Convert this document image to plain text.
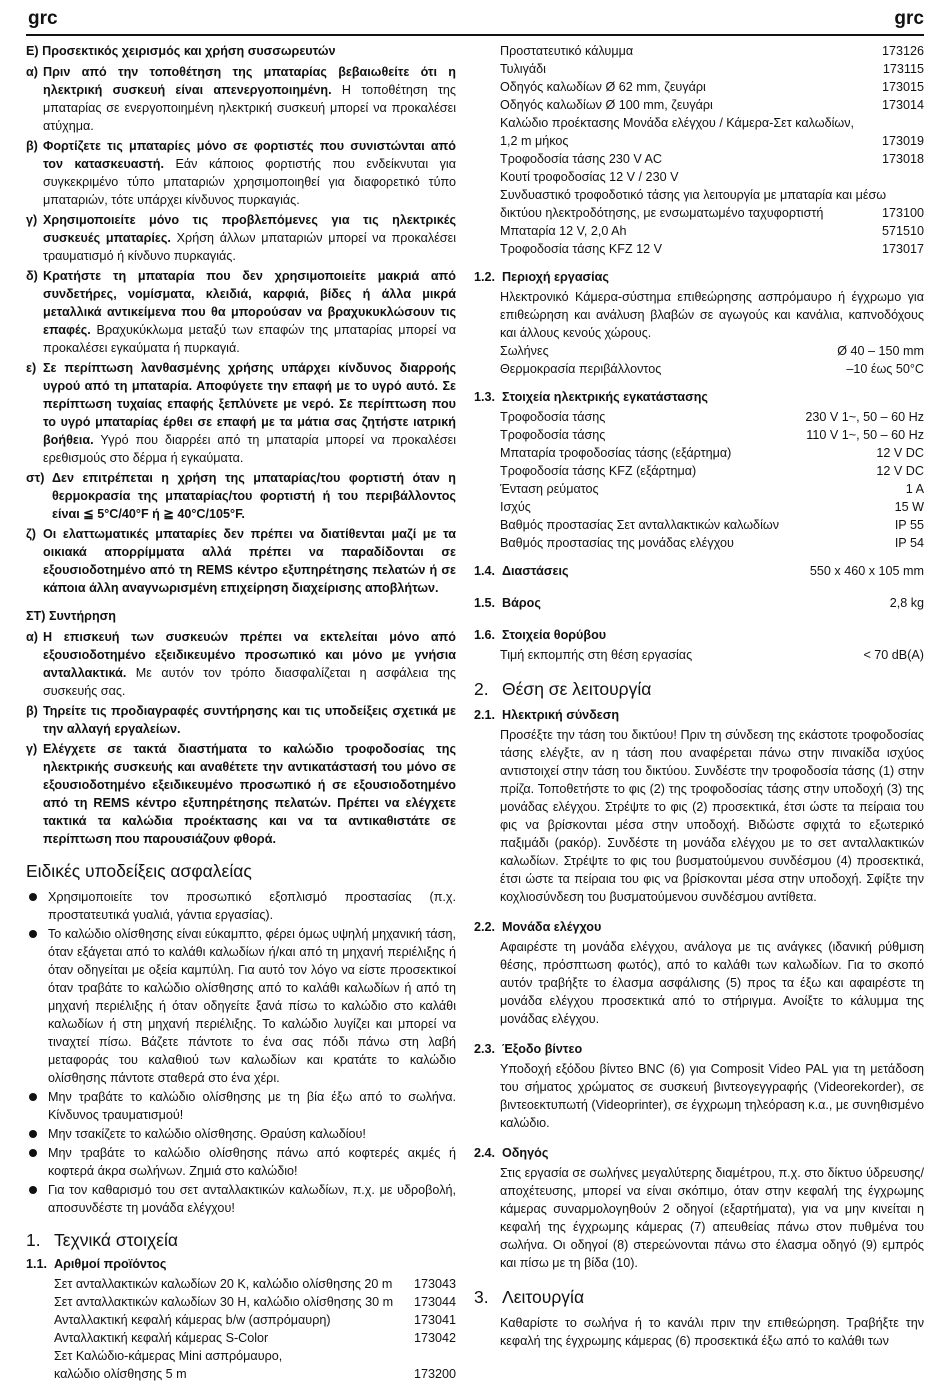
grc	grc
E) Προσεκτικός χειρισμός και χρήση συσσωρευτών
α) Πριν από την τοποθέτηση της μπαταρίας βεβαιωθείτε ότι η ηλεκτρική συσκευή είναι απενεργοποιημένη. Η τοποθέτηση της μπαταρίας σε ενεργοποιημένη ηλεκτρική συσκευή μπορεί να προκαλέσει ατύχημα.
β) Φορτίζετε τις μπαταρίες μόνο σε φορτιστές που συνιστώνται από τον κατασκευαστή. Εάν κάποιος φορτιστής που ενδείκνυται για συγκεκριμένο τύπο μπαταριών χρησιμοποιηθεί για διαφορετικό τύπο μπαταριών, τότε υπάρχει κίνδυνος πυρκαγιάς.
γ) Χρησιμοποιείτε μόνο τις προβλεπόμενες για τις ηλεκτρικές συσκευές μπαταρίες. Χρήση άλλων μπαταριών μπορεί να προκαλέσει τραυματισμό ή κίνδυνο πυρκαγιάς.
δ) Κρατήστε τη μπαταρία που δεν χρησιμοποιείτε μακριά από συνδετήρες, νομίσματα, κλειδιά, καρφιά, βίδες ή άλλα μικρά μεταλλικά αντικείμενα που θα μπορούσαν να βραχυκυκλώσουν τις επαφές. Βραχυκύκλωμα μεταξύ των επαφών της μπαταρίας μπορεί να προκαλέσει εγκαύματα ή πυρκαγιά.
ε) Σε περίπτωση λανθασμένης χρήσης υπάρχει κίνδυνος διαρροής υγρού από τη μπαταρία. Αποφύγετε την επαφή με το υγρό αυτό. Σε περίπτωση τυχαίας επαφής ξεπλύνετε με νερό. Σε περίπτωση που το υγρό μπαταρίας έρθει σε επαφή με τα μάτια σας ζητήστε ιατρική βοήθεια. Υγρό που διαρρέει από τη μπαταρία μπορεί να προκαλέσει ερεθισμούς στο δέρμα ή εγκαύματα.
στ) Δεν επιτρέπεται η χρήση της μπαταρίας/του φορτιστή όταν η θερμοκρασία της μπαταρίας/του φορτιστή ή του περιβάλλοντος είναι ≦ 5°C/40°F ή ≧ 40°C/105°F.
ζ) Οι ελαττωματικές μπαταρίες δεν πρέπει να διατίθενται μαζί με τα οικιακά απορρίμματα αλλά πρέπει να παραδίδονται σε εξουσιοδοτημένο από τη REMS κέντρο εξυπηρέτησης πελατών ή σε κάποια άλλη αναγνωρισμένη επιχείρηση διαχείρισης αποβλήτων.
ΣΤ) Συντήρηση
α) Η επισκευή των συσκευών πρέπει να εκτελείται μόνο από εξουσιοδοτημένο εξειδικευμένο προσωπικό και μόνο με γνήσια ανταλλακτικά. Με αυτόν τον τρόπο διασφαλίζεται η ασφάλεια της συσκευής σας.
β) Τηρείτε τις προδιαγραφές συντήρησης και τις υποδείξεις σχετικά με την αλλαγή εργαλείων.
γ) Ελέγχετε σε τακτά διαστήματα το καλώδιο τροφοδοσίας της ηλεκτρικής συσκευής και αναθέτετε την αντικατάστασή του μόνο σε εξουσιοδοτημένο εξειδικευμένο προσωπικό ή σε εξουσιοδοτημένο από τη REMS κέντρο εξυπηρέτησης πελατών. Πρέπει να ελέγχετε τακτικά τα καλώδια προέκτασης και να τα αντικαθιστάτε σε περίπτωση που παρουσιάζουν φθορά.
Ειδικές υποδείξεις ασφαλείας
Χρησιμοποιείτε τον προσωπικό εξοπλισμό προστασίας (π.χ. προστατευτικά γυαλιά, γάντια εργασίας).
Το καλώδιο ολίσθησης είναι εύκαμπτο, φέρει όμως υψηλή μηχανική τάση, όταν εξάγεται από το καλάθι καλωδίων ή/και από τη μηχανή περιέλιξης ή όταν οδηγείται με οξεία καμπύλη. Για αυτό τον λόγο να είστε προσεκτικοί όταν τραβάτε το καλώδιο ολίσθησης από το καλάθι καλωδίων ή από τη μηχανή περιέλιξης ή όταν οδηγείτε ξανά πίσω το καλώδιο στο καλάθι καλωδίων ή στη μηχανή περιέλιξης. Το καλώδιο λυγίζει και μπορεί να τιναχτεί πίσω. Βάζετε πάντοτε το ένα σας πόδι πάνω στη λαβή μεταφοράς του καλαθιού των καλωδίων και κρατάτε το καλώδιο ολίσθησης πάντοτε σταθερά στο ένα χέρι.
Μην τραβάτε το καλώδιο ολίσθησης με τη βία έξω από το σωλήνα. Κίνδυνος τραυματισμού!
Μην τσακίζετε το καλώδιο ολίσθησης. Θραύση καλωδίου!
Μην τραβάτε το καλώδιο ολίσθησης πάνω από κοφτερές ακμές ή κοφτερά άκρα σωλήνων. Ζημιά στο καλώδιο!
Για τον καθαρισμό του σετ ανταλλακτικών καλωδίων, π.χ. με υδροβολή, αποσυνδέστε τη μονάδα ελέγχου!
1. Τεχνικά στοιχεία
1.1. Αριθμοί προϊόντος
Σετ ανταλλακτικών καλωδίων 20 K, καλώδιο ολίσθησης 20 m	173043
Σετ ανταλλακτικών καλωδίων 30 H, καλώδιο ολίσθησης 30 m	173044
Ανταλλακτική κεφαλή κάμερας b/w (ασπρόμαυρη)	173041
Ανταλλακτική κεφαλή κάμερας S-Color	173042
Σετ Καλώδιο-κάμερας Mini ασπρόμαυρο,
καλώδιο ολίσθησης 5 m	173200
Προστατευτικό κάλυμμα	173126
Τυλιγάδι	173115
Οδηγός καλωδίων Ø 62 mm, ζευγάρι	173015
Οδηγός καλωδίων Ø 100 mm, ζευγάρι	173014
Καλώδιο προέκτασης Μονάδα ελέγχου / Κάμερα-Σετ καλωδίων,
1,2 m μήκος	173019
Τροφοδοσία τάσης 230 V AC	173018
Κουτί τροφοδοσίας 12 V / 230 V
Συνδυαστικό τροφοδοτικό τάσης για λειτουργία με μπαταρία και μέσω
δικτύου ηλεκτροδότησης, με ενσωματωμένο ταχυφορτιστή	173100
Μπαταρία 12 V, 2,0 Ah	571510
Τροφοδοσία τάσης KFZ 12 V	173017
1.2. Περιοχή εργασίας
Ηλεκτρονικό Κάμερα-σύστημα επιθεώρησης ασπρόμαυρο ή έγχρωμο για επιθεώρηση και ανάλυση βλαβών σε αγωγούς και κανάλια, καπνοδόχους και άλλους κενούς χώρους.
Σωλήνες	Ø 40 – 150 mm
Θερμοκρασία περιβάλλοντος	–10 έως 50°C
1.3. Στοιχεία ηλεκτρικής εγκατάστασης
Τροφοδοσία τάσης	230 V 1~, 50 – 60 Hz
Τροφοδοσία τάσης	110 V 1~, 50 – 60 Hz
Μπαταρία τροφοδοσίας τάσης (εξάρτημα)	12 V DC
Τροφοδοσία τάσης KFZ (εξάρτημα)	12 V DC
Ένταση ρεύματος	1 A
Ισχύς	15 W
Βαθμός προστασίας Σετ ανταλλακτικών καλωδίων	IP 55
Βαθμός προστασίας της μονάδας ελέγχου	IP 54
1.4. Διαστάσεις	550 x 460 x 105 mm
1.5. Βάρος	2,8 kg
1.6. Στοιχεία θορύβου
Τιμή εκπομπής στη θέση εργασίας	< 70 dB(A)
2. Θέση σε λειτουργία
2.1. Ηλεκτρική σύνδεση
Προσέξτε την τάση του δικτύου! Πριν τη σύνδεση της εκάστοτε τροφοδοσίας τάσης ελέγξτε, αν η τάση που αναφέρεται πάνω στην πινακίδα ισχύος αντιστοιχεί στην τάση του δικτύου. Συνδέστε την τροφοδοσία τάσης (1) στην πρίζα. Τοποθετήστε το φις (2) της τροφοδοσίας τάσης στην υποδοχή (3) της μονάδας ελέγχου. Στρέψτε το φις (2) προσεκτικά, έτσι ώστε τα πείραια του φις να βρίσκονται μέσα στην υποδοχή. Βιδώστε σφιχτά το εξωτερικό παξιμάδι (ρακόρ). Συνδέστε τη μονάδα ελέγχου με το σετ ανταλλακτικών καλωδίων. Στρέψτε το φις του βυσματούμενου συνδέσμου (4) προσεκτικά, έτσι ώστε τα πείραια του φις να βρίσκονται μέσα στην υποδοχή. Σφίξτε την κοχλιοσύνδεση του βυσματούμενου συνδέσμου αντίθετα.
2.2. Μονάδα ελέγχου
Αφαιρέστε τη μονάδα ελέγχου, ανάλογα με τις ανάγκες (ιδανική ρύθμιση θέσης, πρόσπτωση φωτός), από το καλάθι των καλωδίων. Για το σκοπό αυτόν τραβήξτε το έλασμα ασφάλισης (5) προς τα έξω και αφαιρέστε τη μονάδα ελέγχου προσεκτικά από το στήριγμα. Ανοίξτε το κάλυμμα της μονάδας ελέγχου.
2.3. Έξοδο βίντεο
Υποδοχή εξόδου βίντεο BNC (6) για Composit Video PAL για τη μετάδοση του σήματος χρώματος σε συσκευή βιντεογεγγραφής (Videorekorder), σε βιντεοεκτυπωτή (Videoprinter), σε έγχρωμη τηλεόραση κ.α., με συνηθισμένο καλώδιο.
2.4. Οδηγός
Στις εργασία σε σωλήνες μεγαλύτερης διαμέτρου, π.χ. στο δίκτυο ύδρευσης/αποχέτευσης, μπορεί να είναι σκόπιμο, όταν στην κεφαλή της έγχρωμης κάμερας συναρμολογηθούν 2 οδηγοί (εξαρτήματα), για να μην κινείται η κεφαλή της έγχρωμης κάμερας (7) απευθείας πάνω στον πυθμένα του σωλήνα. Οι οδηγοί (8) στερεώνονται πάνω στο έλασμα οδηγό (9) εμπρός και πίσω με τη βίδα (10).
3. Λειτουργία
Καθαρίστε το σωλήνα ή το κανάλι πριν την επιθεώρηση. Τραβήξτε την κεφαλή της έγχρωμης κάμερας (6) προσεκτικά έξω από το καλάθι των
